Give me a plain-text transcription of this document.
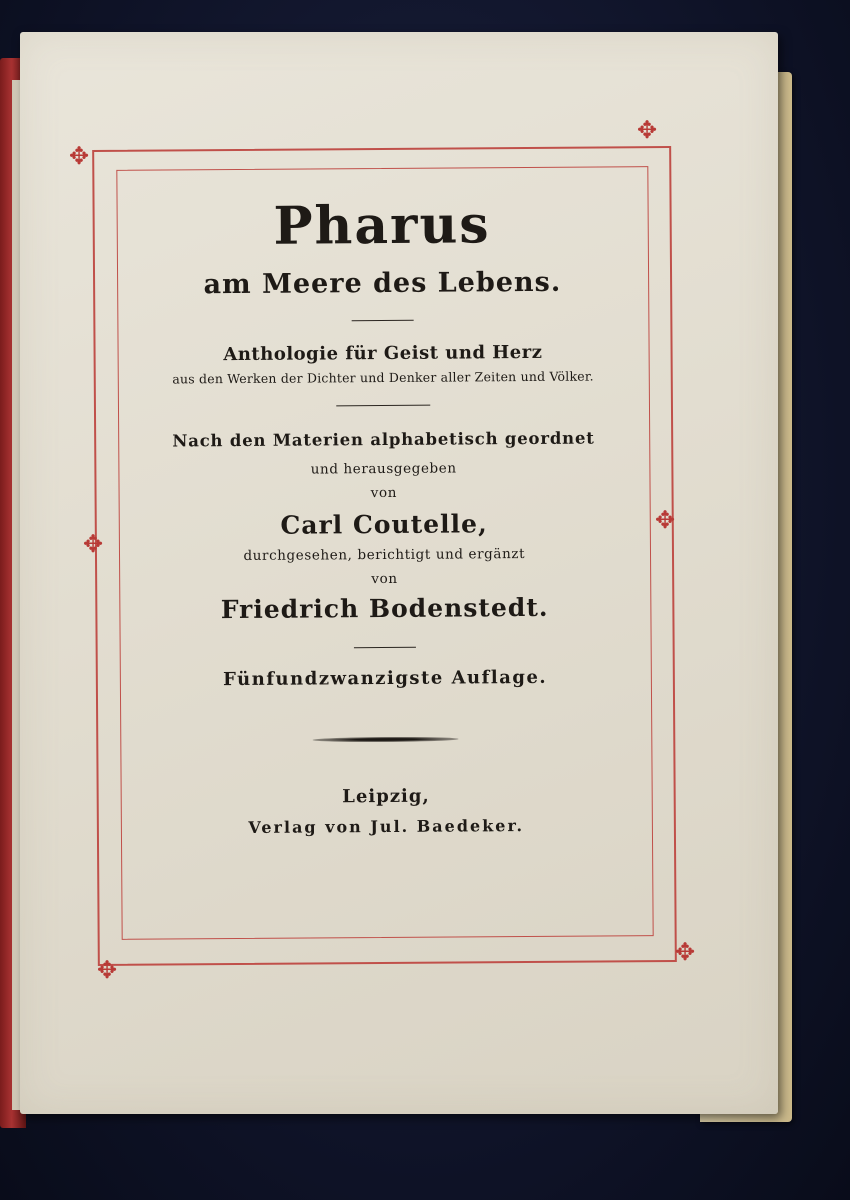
✥
✥
✥
✥
✥
✥
Pharus
am Meere des Lebens.
Anthologie für Geist und Herz
aus den Werken der Dichter und Denker aller Zeiten und Völker.
Nach den Materien alphabetisch geordnet
und herausgegeben
von
Carl Coutelle,
durchgesehen, berichtigt und ergänzt
von
Friedrich Bodenstedt.
Fünfundzwanzigste Auflage.
Leipzig,
Verlag von Jul. Baedeker.
